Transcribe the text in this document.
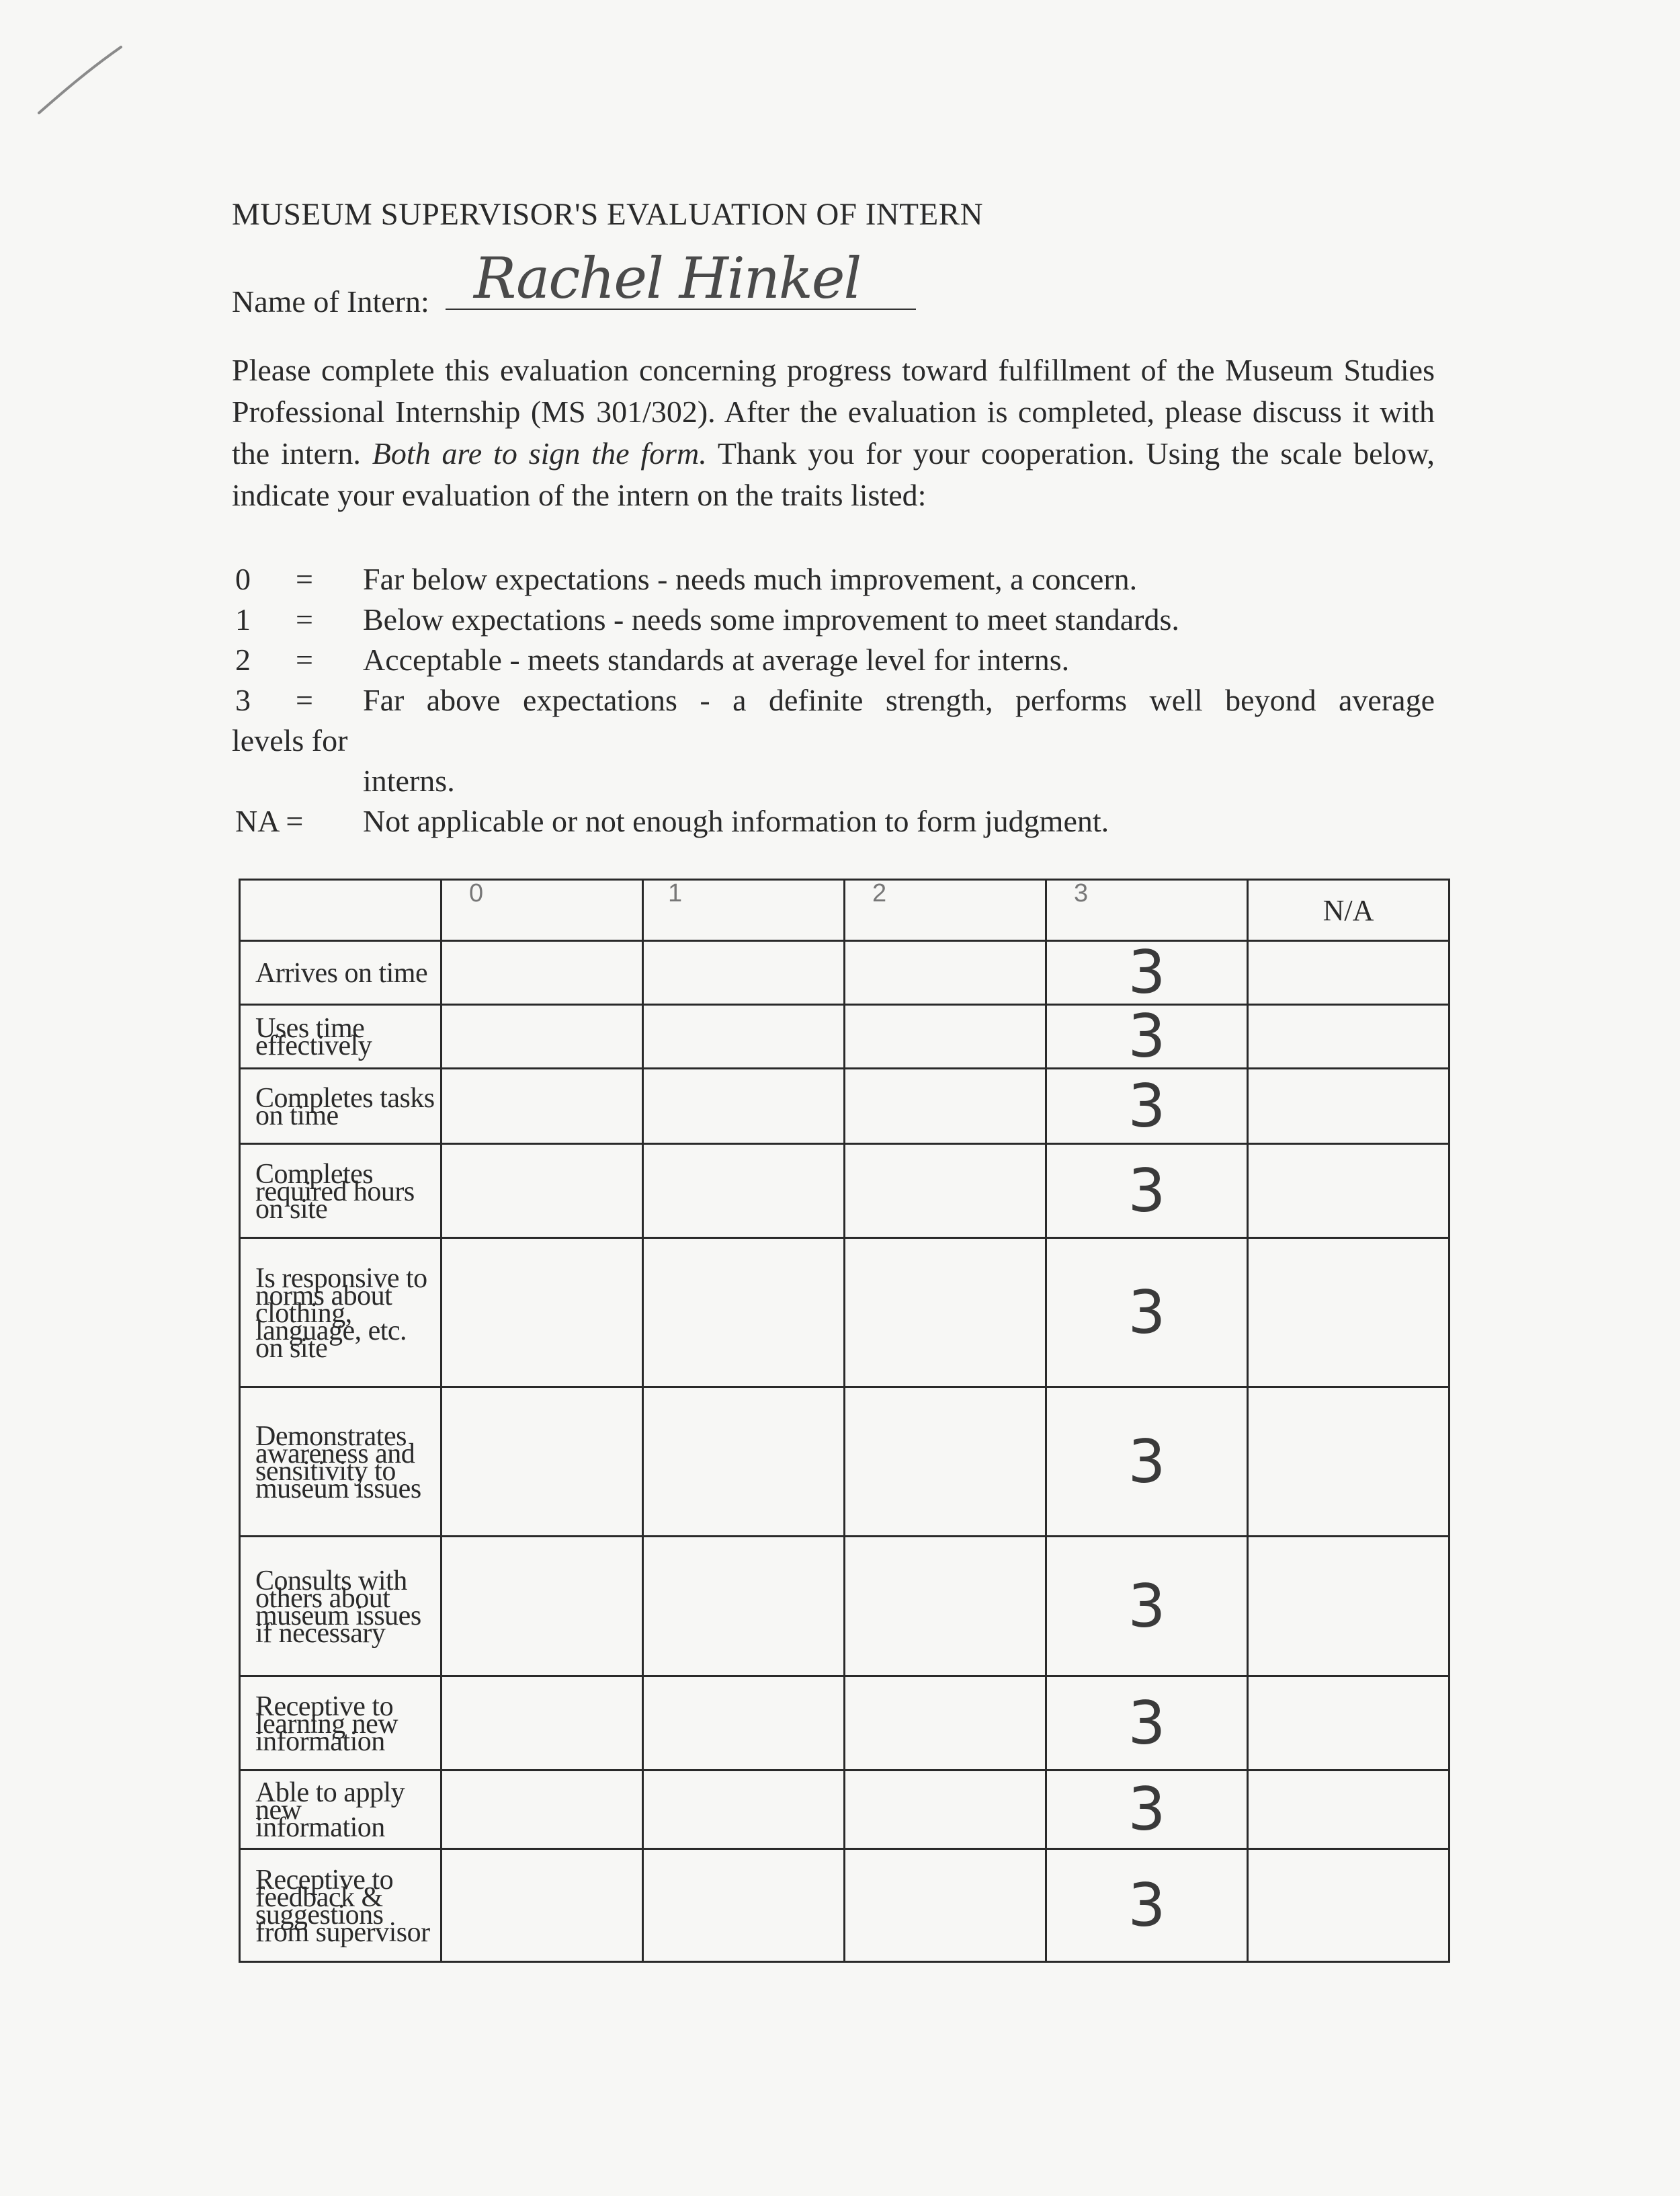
MUSEUM SUPERVISOR'S EVALUATION OF INTERN
Name of Intern: Rachel Hinkel
Please complete this evaluation concerning progress toward fulfillment of the Museum Studies Professional Internship (MS 301/302). After the evaluation is completed, please discuss it with the intern. Both are to sign the form. Thank you for your cooperation. Using the scale below, indicate your evaluation of the intern on the traits listed:
0 = Far below expectations - needs much improvement, a concern.
1 = Below expectations - needs some improvement to meet standards.
2 = Acceptable - meets standards at average level for interns.
3 = Far above expectations - a definite strength, performs well beyond average
levels for
interns.
NA = Not applicable or not enough information to form judgment.

	0	1	2	3	N/A

Arrives on time				3	

Uses time effectively				3	

Completes tasks on time				3	

Completes required hours on site				3	

Is responsive to norms about clothing, language, etc. on site				3	

Demonstrates awareness and sensitivity to museum issues				3	

Consults with others about museum issues if necessary				3	

Receptive to learning new information				3	

Able to apply new information				3	

Receptive to feedback & suggestions from supervisor				3	
